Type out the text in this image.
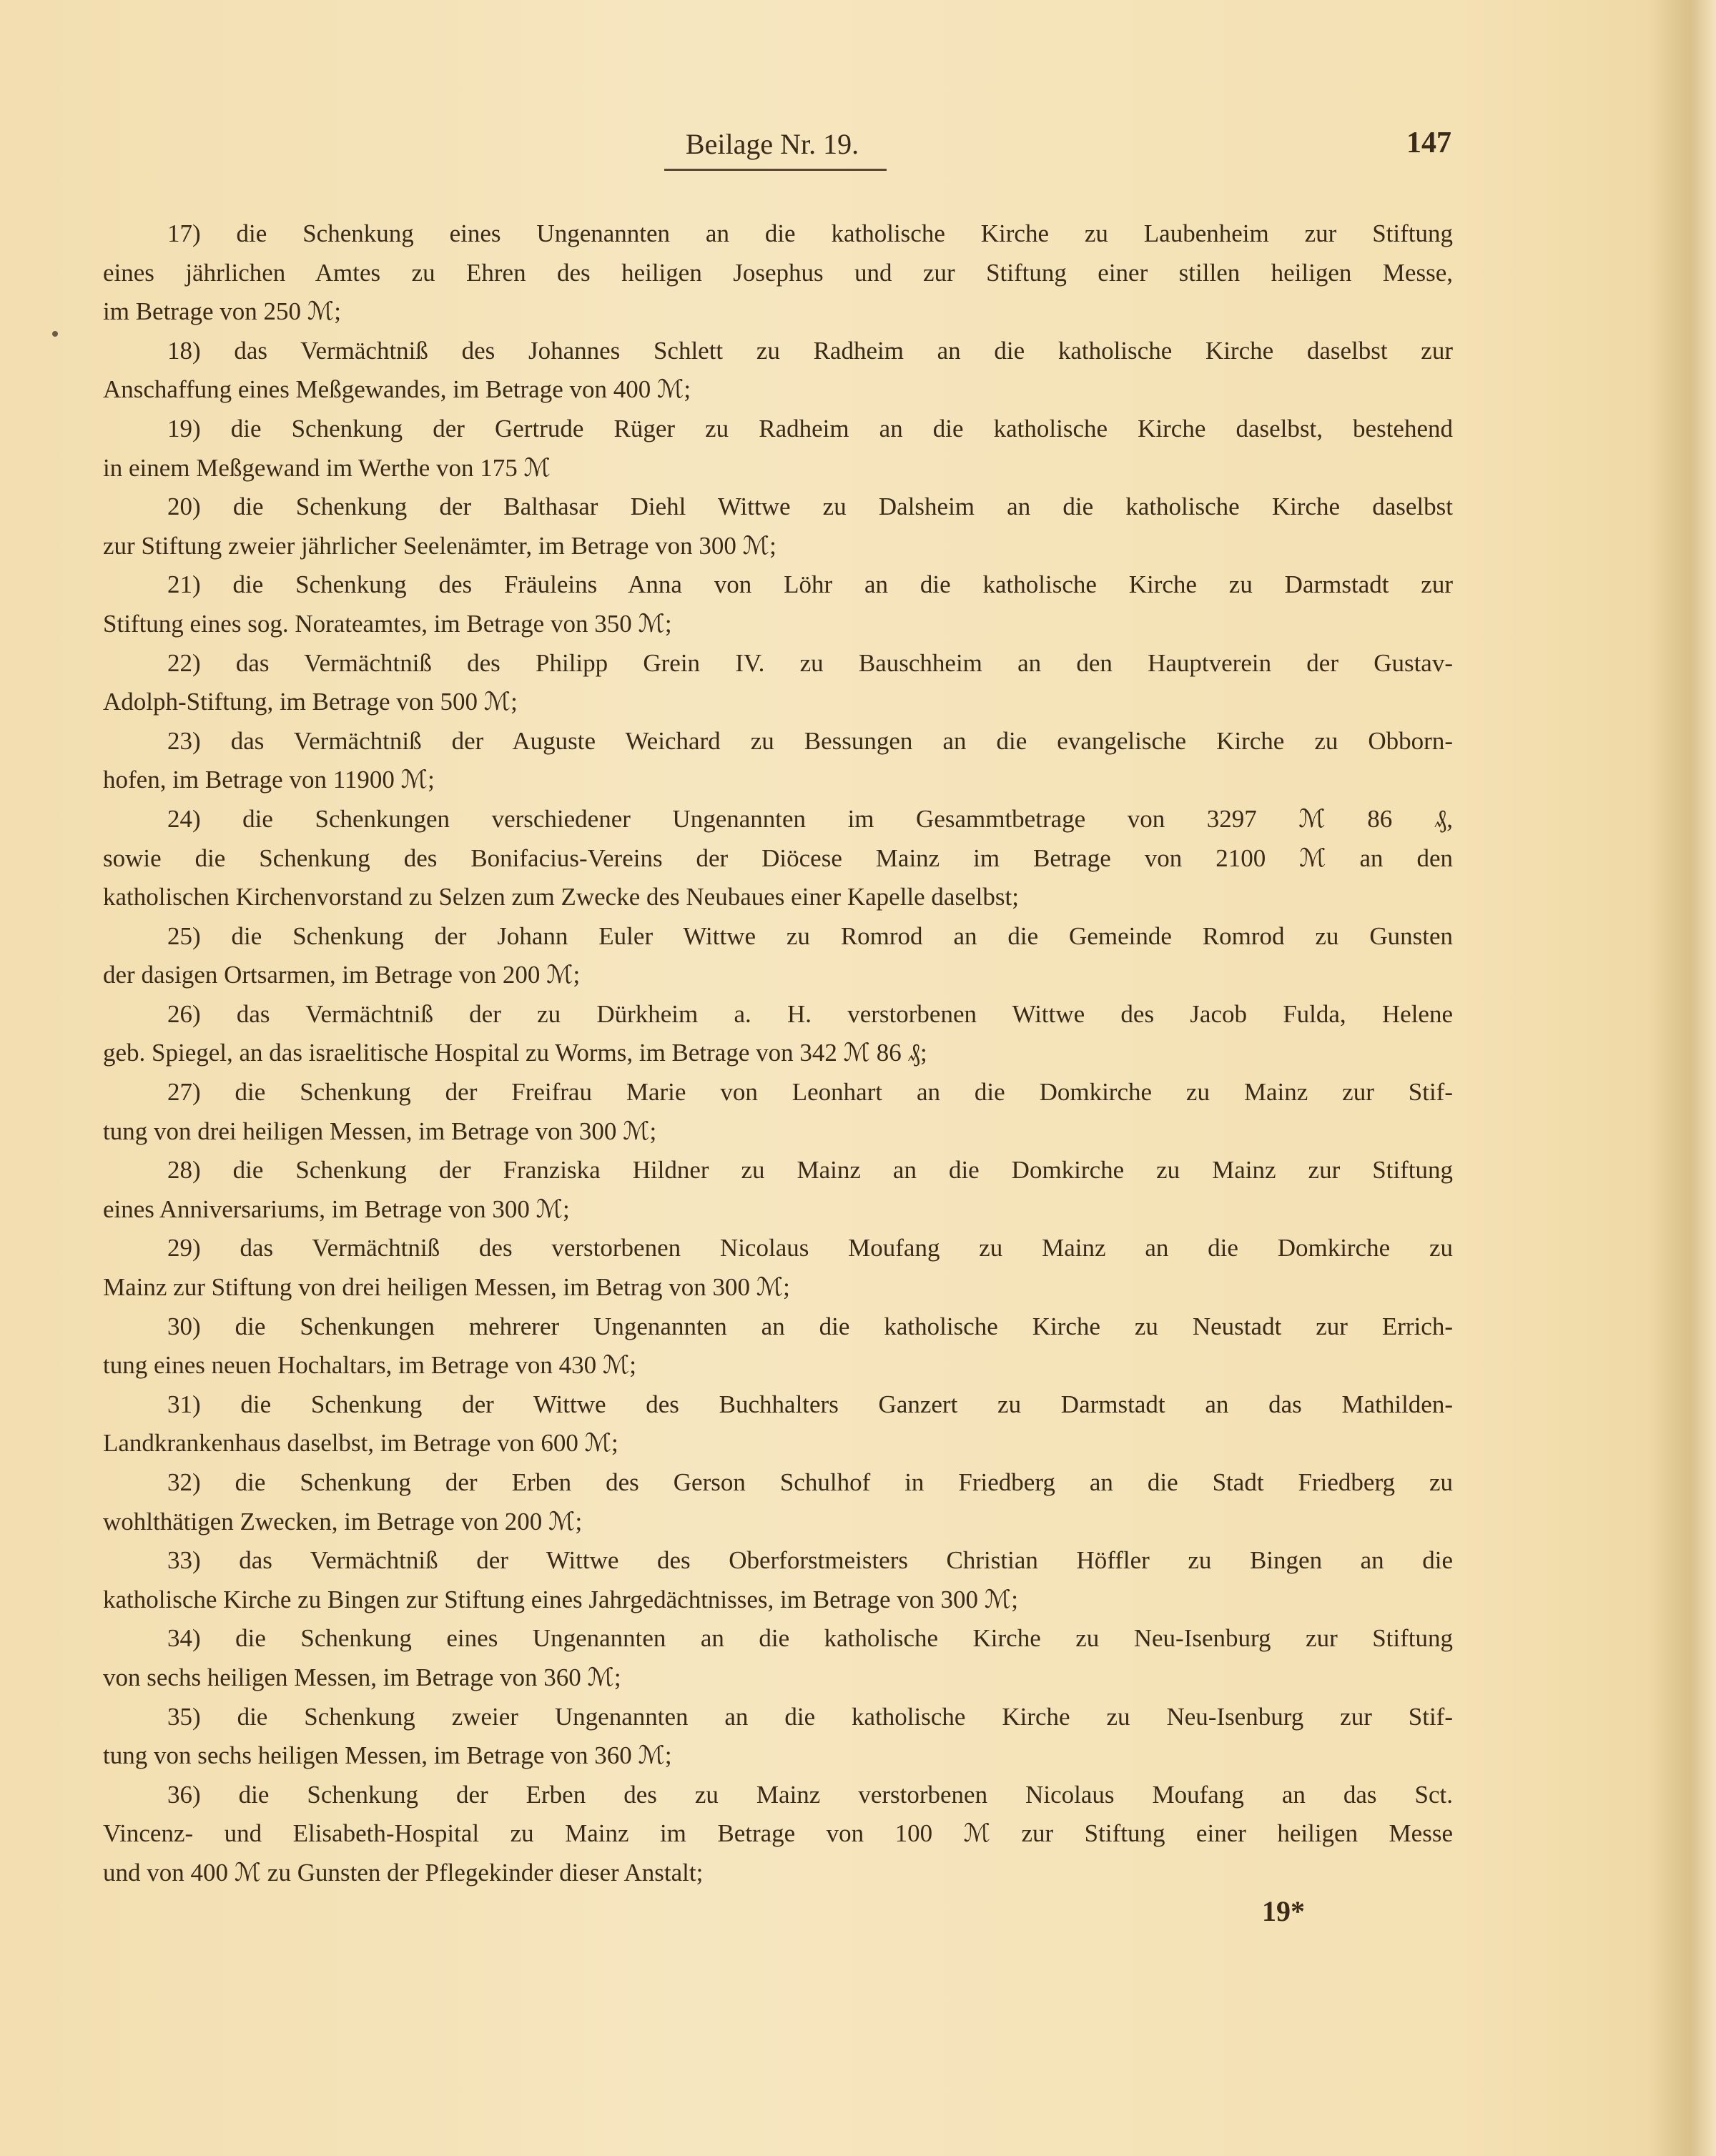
Beilage Nr. 19.	147
17) die Schenkung eines Ungenannten an die katholische Kirche zu Laubenheim zur Stiftung
eines jährlichen Amtes zu Ehren des heiligen Josephus und zur Stiftung einer stillen heiligen Messe,
im Betrage von 250 ℳ;
18) das Vermächtniß des Johannes Schlett zu Radheim an die katholische Kirche daselbst zur
Anschaffung eines Meßgewandes, im Betrage von 400 ℳ;
19) die Schenkung der Gertrude Rüger zu Radheim an die katholische Kirche daselbst, bestehend
in einem Meßgewand im Werthe von 175 ℳ
20) die Schenkung der Balthasar Diehl Wittwe zu Dalsheim an die katholische Kirche daselbst
zur Stiftung zweier jährlicher Seelenämter, im Betrage von 300 ℳ;
21) die Schenkung des Fräuleins Anna von Löhr an die katholische Kirche zu Darmstadt zur
Stiftung eines sog. Norateamtes, im Betrage von 350 ℳ;
22) das Vermächtniß des Philipp Grein IV. zu Bauschheim an den Hauptverein der Gustav-
Adolph-Stiftung, im Betrage von 500 ℳ;
23) das Vermächtniß der Auguste Weichard zu Bessungen an die evangelische Kirche zu Obborn-
hofen, im Betrage von 11900 ℳ;
24) die Schenkungen verschiedener Ungenannten im Gesammtbetrage von 3297 ℳ 86 ₰,
sowie die Schenkung des Bonifacius-Vereins der Diöcese Mainz im Betrage von 2100 ℳ an den
katholischen Kirchenvorstand zu Selzen zum Zwecke des Neubaues einer Kapelle daselbst;
25) die Schenkung der Johann Euler Wittwe zu Romrod an die Gemeinde Romrod zu Gunsten
der dasigen Ortsarmen, im Betrage von 200 ℳ;
26) das Vermächtniß der zu Dürkheim a. H. verstorbenen Wittwe des Jacob Fulda, Helene
geb. Spiegel, an das israelitische Hospital zu Worms, im Betrage von 342 ℳ 86 ₰;
27) die Schenkung der Freifrau Marie von Leonhart an die Domkirche zu Mainz zur Stif-
tung von drei heiligen Messen, im Betrage von 300 ℳ;
28) die Schenkung der Franziska Hildner zu Mainz an die Domkirche zu Mainz zur Stiftung
eines Anniversariums, im Betrage von 300 ℳ;
29) das Vermächtniß des verstorbenen Nicolaus Moufang zu Mainz an die Domkirche zu
Mainz zur Stiftung von drei heiligen Messen, im Betrag von 300 ℳ;
30) die Schenkungen mehrerer Ungenannten an die katholische Kirche zu Neustadt zur Errich-
tung eines neuen Hochaltars, im Betrage von 430 ℳ;
31) die Schenkung der Wittwe des Buchhalters Ganzert zu Darmstadt an das Mathilden-
Landkrankenhaus daselbst, im Betrage von 600 ℳ;
32) die Schenkung der Erben des Gerson Schulhof in Friedberg an die Stadt Friedberg zu
wohlthätigen Zwecken, im Betrage von 200 ℳ;
33) das Vermächtniß der Wittwe des Oberforstmeisters Christian Höffler zu Bingen an die
katholische Kirche zu Bingen zur Stiftung eines Jahrgedächtnisses, im Betrage von 300 ℳ;
34) die Schenkung eines Ungenannten an die katholische Kirche zu Neu-Isenburg zur Stiftung
von sechs heiligen Messen, im Betrage von 360 ℳ;
35) die Schenkung zweier Ungenannten an die katholische Kirche zu Neu-Isenburg zur Stif-
tung von sechs heiligen Messen, im Betrage von 360 ℳ;
36) die Schenkung der Erben des zu Mainz verstorbenen Nicolaus Moufang an das Sct.
Vincenz- und Elisabeth-Hospital zu Mainz im Betrage von 100 ℳ zur Stiftung einer heiligen Messe
und von 400 ℳ zu Gunsten der Pflegekinder dieser Anstalt;
19*
